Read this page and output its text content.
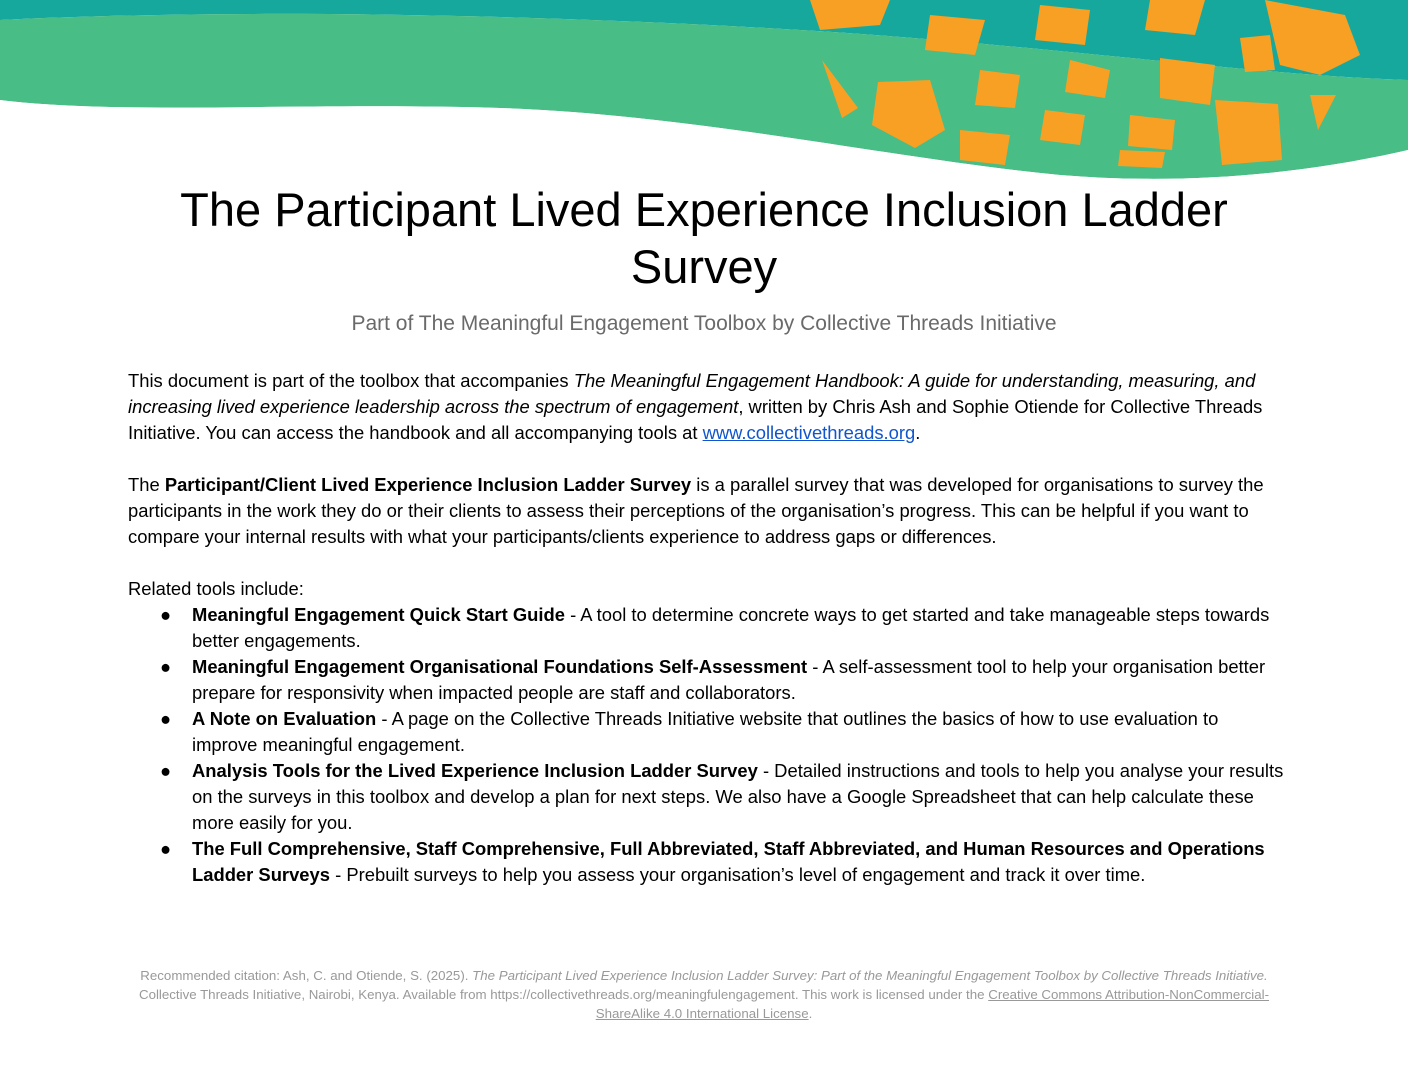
The Participant Lived Experience Inclusion Ladder Survey
Part of The Meaningful Engagement Toolbox by Collective Threads Initiative

This document is part of the toolbox that accompanies The Meaningful Engagement Handbook: A guide for understanding, measuring, and increasing lived experience leadership across the spectrum of engagement, written by Chris Ash and Sophie Otiende for Collective Threads Initiative. You can access the handbook and all accompanying tools at www.collectivethreads.org.

The Participant/Client Lived Experience Inclusion Ladder Survey is a parallel survey that was developed for organisations to survey the participants in the work they do or their clients to assess their perceptions of the organisation’s progress. This can be helpful if you want to compare your internal results with what your participants/clients experience to address gaps or differences.

Related tools include:

● Meaningful Engagement Quick Start Guide - A tool to determine concrete ways to get started and take manageable steps towards better engagements.
● Meaningful Engagement Organisational Foundations Self-Assessment - A self-assessment tool to help your organisation better prepare for responsivity when impacted people are staff and collaborators.
● A Note on Evaluation - A page on the Collective Threads Initiative website that outlines the basics of how to use evaluation to improve meaningful engagement.
● Analysis Tools for the Lived Experience Inclusion Ladder Survey - Detailed instructions and tools to help you analyse your results on the surveys in this toolbox and develop a plan for next steps. We also have a Google Spreadsheet that can help calculate these more easily for you.
● The Full Comprehensive, Staff Comprehensive, Full Abbreviated, Staff Abbreviated, and Human Resources and Operations Ladder Surveys - Prebuilt surveys to help you assess your organisation’s level of engagement and track it over time.
Recommended citation: Ash, C. and Otiende, S. (2025). The Participant Lived Experience Inclusion Ladder Survey: Part of the Meaningful Engagement Toolbox by Collective Threads Initiative. Collective Threads Initiative, Nairobi, Kenya. Available from https://collectivethreads.org/meaningfulengagement. This work is licensed under the Creative Commons Attribution-NonCommercial-ShareAlike 4.0 International License.
